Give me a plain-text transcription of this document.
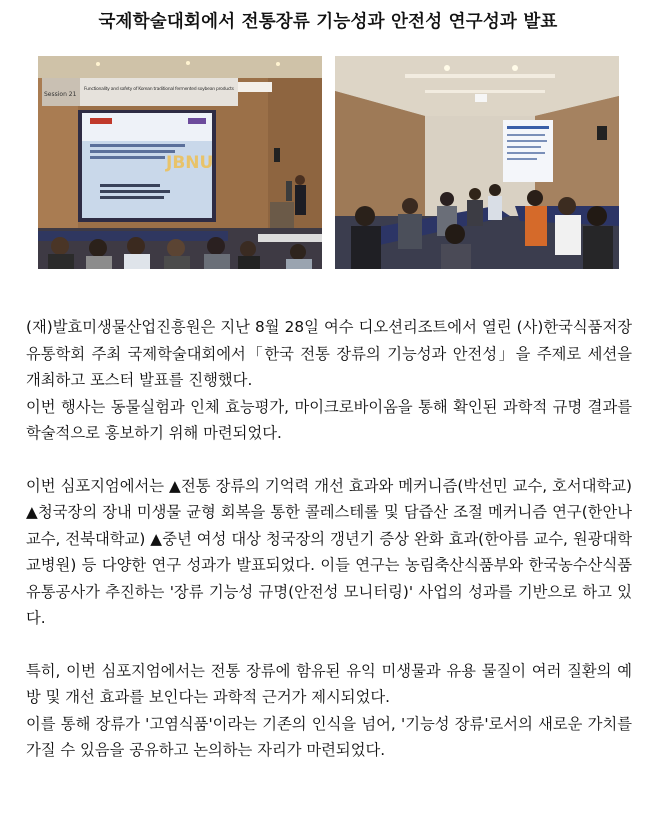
국제학술대회에서 전통장류 기능성과 안전성 연구성과 발표
Session 21
Functionality and safety of Korean traditional fermented soybean products
JBNU

(재)발효미생물산업진흥원은 지난 8월 28일 여수 디오션리조트에서 열린 (사)한국식품저장유통학회 주최 국제학술대회에서「한국 전통 장류의 기능성과 안전성」을 주제로 세션을 개최하고 포스터 발표를 진행했다.

이번 행사는 동물실험과 인체 효능평가, 마이크로바이옴을 통해 확인된 과학적 규명 결과를 학술적으로 홍보하기 위해 마련되었다.

이번 심포지엄에서는 ▲전통 장류의 기억력 개선 효과와 메커니즘(박선민 교수, 호서대학교) ▲청국장의 장내 미생물 균형 회복을 통한 콜레스테롤 및 담즙산 조절 메커니즘 연구(한안나 교수, 전북대학교) ▲중년 여성 대상 청국장의 갱년기 증상 완화 효과(한아름 교수, 원광대학교병원) 등 다양한 연구 성과가 발표되었다. 이들 연구는 농림축산식품부와 한국농수산식품유통공사가 추진하는 '장류 기능성 규명(안전성 모니터링)' 사업의 성과를 기반으로 하고 있다.

특히, 이번 심포지엄에서는 전통 장류에 함유된 유익 미생물과 유용 물질이 여러 질환의 예방 및 개선 효과를 보인다는 과학적 근거가 제시되었다.

이를 통해 장류가 '고염식품'이라는 기존의 인식을 넘어, '기능성 장류'로서의 새로운 가치를 가질 수 있음을 공유하고 논의하는 자리가 마련되었다.
